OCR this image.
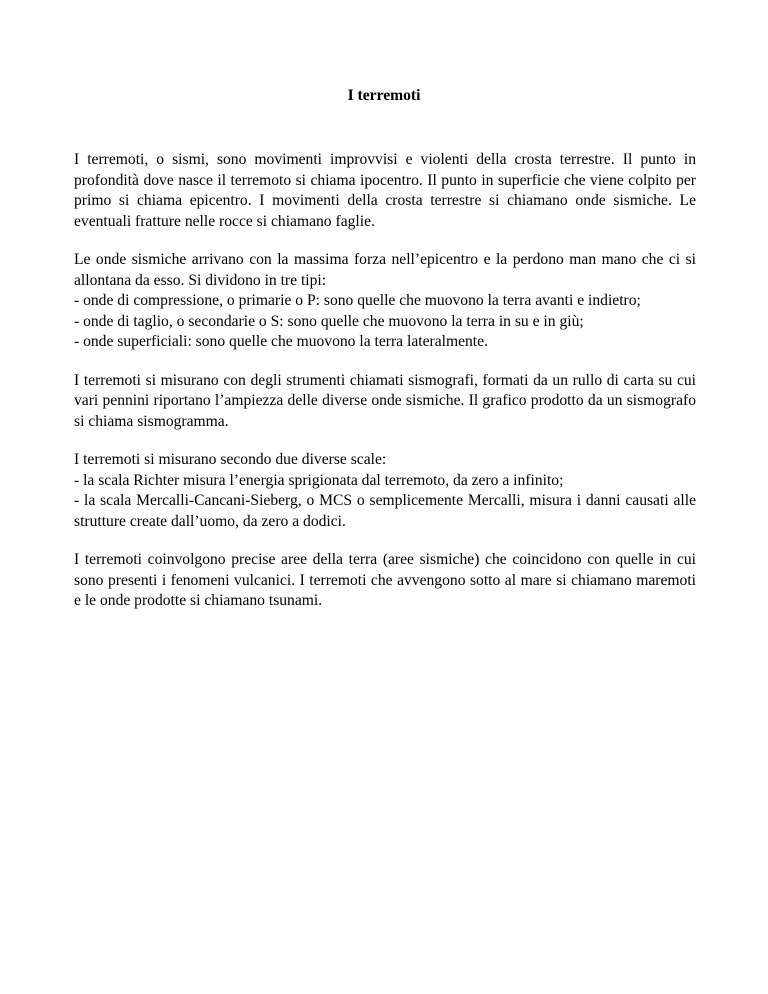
I terremoti

I terremoti, o sismi, sono movimenti improvvisi e violenti della crosta terrestre. Il punto in profondità dove nasce il terremoto si chiama ipocentro. Il punto in superficie che viene colpito per primo si chiama epicentro. I movimenti della crosta terrestre si chiamano onde sismiche. Le eventuali fratture nelle rocce si chiamano faglie.

Le onde sismiche arrivano con la massima forza nell’epicentro e la perdono man mano che ci si allontana da esso. Si dividono in tre tipi:

- onde di compressione, o primarie o P: sono quelle che muovono la terra avanti e indietro;
- onde di taglio, o secondarie o S: sono quelle che muovono la terra in su e in giù;
- onde superficiali: sono quelle che muovono la terra lateralmente.

I terremoti si misurano con degli strumenti chiamati sismografi, formati da un rullo di carta su cui vari pennini riportano l’ampiezza delle diverse onde sismiche. Il grafico prodotto da un sismografo si chiama sismogramma.

I terremoti si misurano secondo due diverse scale:

- la scala Richter misura l’energia sprigionata dal terremoto, da zero a infinito;
- la scala Mercalli-Cancani-Sieberg, o MCS o semplicemente Mercalli, misura i danni causati alle strutture create dall’uomo, da zero a dodici.

I terremoti coinvolgono precise aree della terra (aree sismiche) che coincidono con quelle in cui sono presenti i fenomeni vulcanici. I terremoti che avvengono sotto al mare si chiamano maremoti e le onde prodotte si chiamano tsunami.
